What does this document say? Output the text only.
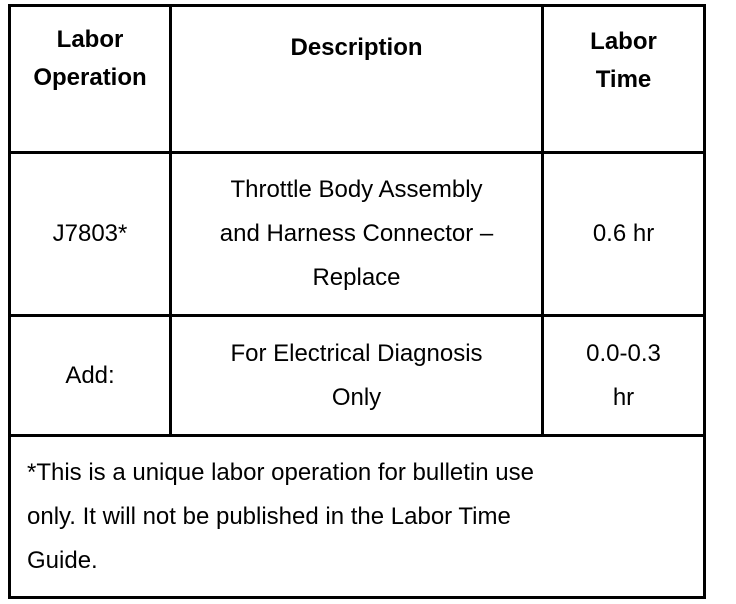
Labor
Operation
Description	Labor
Time
J7803*
Throttle Body Assembly
and Harness Connector –
Replace
0.6 hr
Add:
For Electrical Diagnosis
Only
0.0-0.3
hr
*This is a unique labor operation for bulletin use
only. It will not be published in the Labor Time
Guide.
